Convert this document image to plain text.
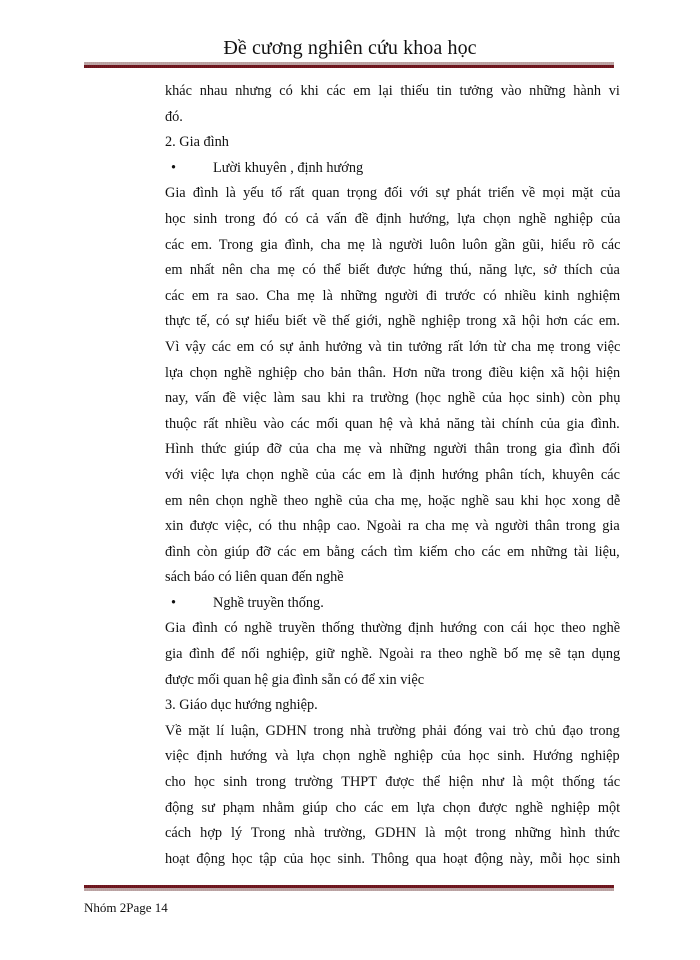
Đề cương nghiên cứu khoa học
khác nhau nhưng có khi các em lại thiếu tin tưởng vào những hành vi
đó.
2. Gia đình
•	Lười khuyên , định hướng
Gia đình là yếu tố rất quan trọng đối với sự phát triển về mọi mặt của
học sinh trong đó có cả vấn đề định hướng, lựa chọn nghề nghiệp của
các em. Trong gia đình, cha mẹ là người luôn luôn gần gũi, hiểu rõ các
em nhất nên cha mẹ có thể biết được hứng thú, năng lực, sở thích của
các em ra sao. Cha mẹ là những người đi trước có nhiều kinh nghiệm
thực tế, có sự hiểu biết về thế giới, nghề nghiệp trong xã hội hơn các em.
Vì vậy các em có sự ảnh hưởng và tin tưởng rất lớn từ cha mẹ trong việc
lựa chọn nghề nghiệp cho bản thân. Hơn nữa trong điều kiện xã hội hiện
nay, vấn đề việc làm sau khi ra trường (học nghề của học sinh) còn phụ
thuộc rất nhiều vào các mối quan hệ và khả năng tài chính của gia đình.
Hình thức giúp đỡ của cha mẹ và những người thân trong gia đình đối
với việc lựa chọn nghề của các em là định hướng phân tích, khuyên các
em nên chọn nghề theo nghề của cha mẹ, hoặc nghề sau khi học xong dễ
xin được việc, có thu nhập cao. Ngoài ra cha mẹ và người thân trong gia
đình còn giúp đỡ các em bằng cách tìm kiếm cho các em những tài liệu,
sách báo có liên quan đến nghề
•	Nghề truyền thống.
Gia đình có nghề truyền thống thường định hướng con cái học theo nghề
gia đình để nối nghiệp, giữ nghề. Ngoài ra theo nghề bố mẹ sẽ tạn dụng
được mối quan hệ gia đình sẵn có để xin việc
3. Giáo dục hướng nghiệp.
Về mặt lí luận, GDHN trong nhà trường phải đóng vai trò chủ đạo trong
việc định hướng và lựa chọn nghề nghiệp của học sinh. Hướng nghiệp
cho học sinh trong trường THPT được thể hiện như là một thống tác
động sư phạm nhằm giúp cho các em lựa chọn được nghề nghiệp một
cách hợp lý Trong nhà trường, GDHN là một trong những hình thức
hoạt động học tập của học sinh. Thông qua hoạt động này, mỗi học sinh
Nhóm 2Page 14
